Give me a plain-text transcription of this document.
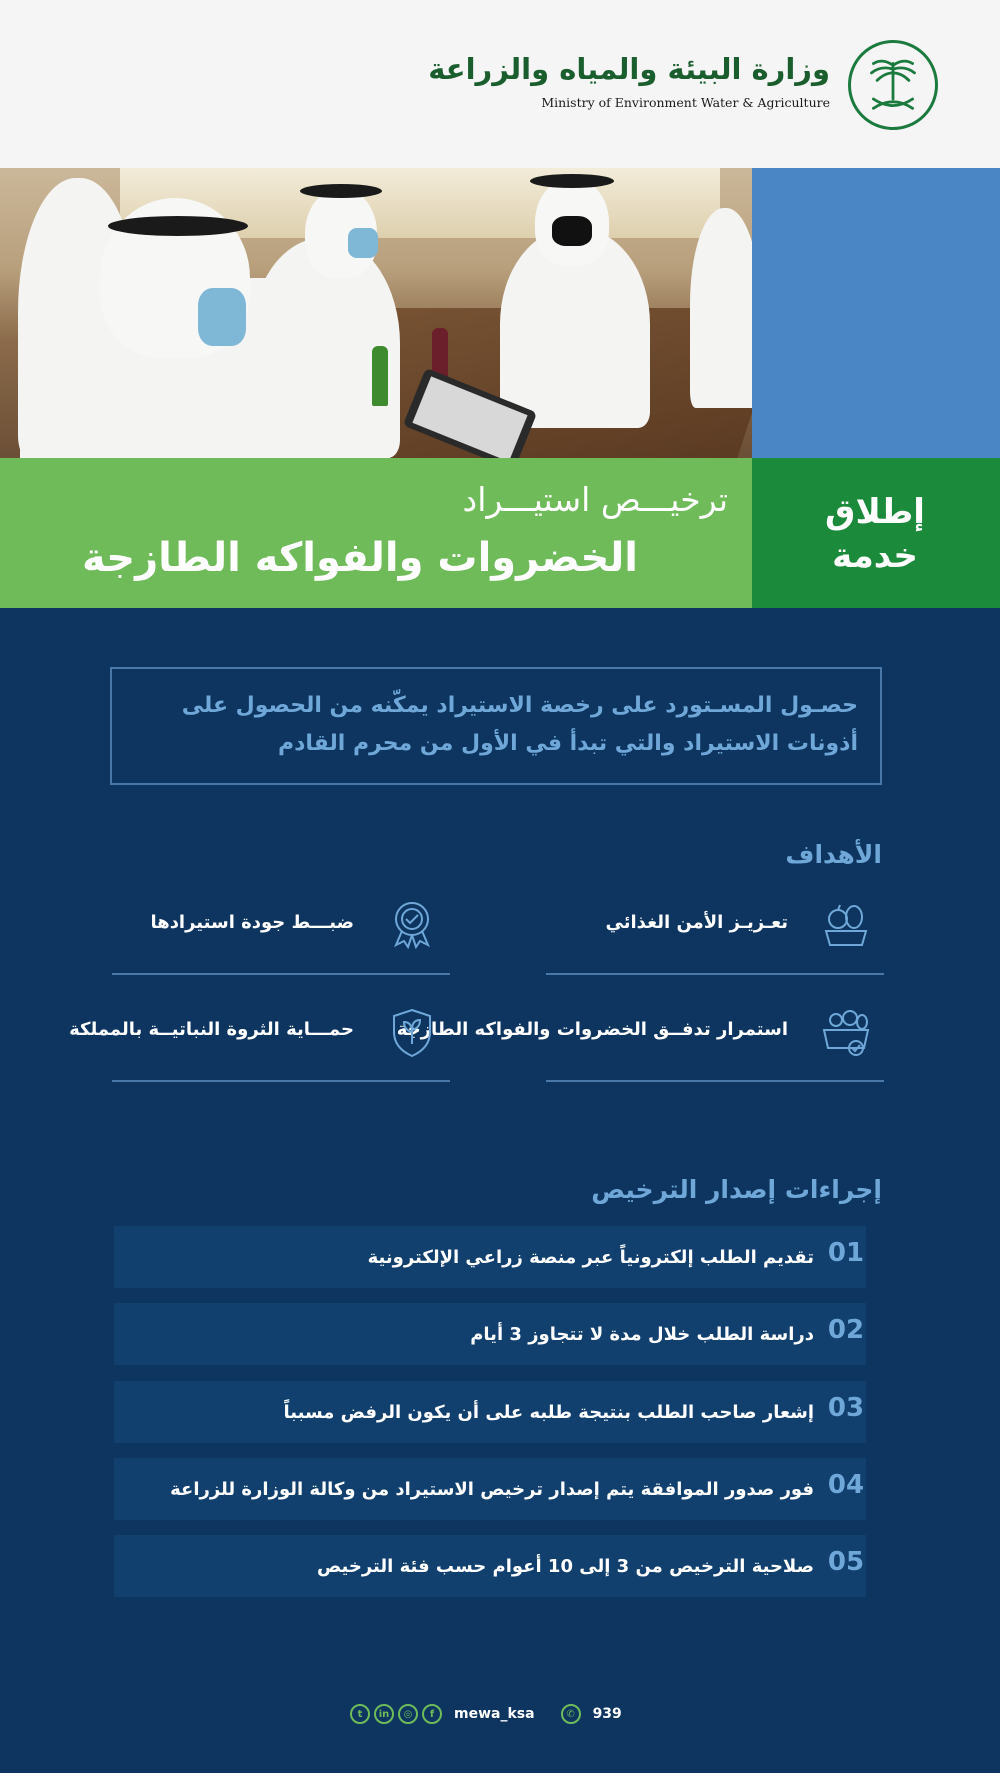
وزارة البيئة والمياه والزراعة
Ministry of Environment Water & Agriculture
ترخيـــص استيـــراد
الخضروات والفواكه الطازجة
إطلاق خدمة
حصـول المسـتورد على رخصة الاستيراد يمكّنه من الحصول على أذونات الاستيراد والتي تبدأ في الأول من محرم القادم
الأهداف
تعـزيـز الأمن الغذائي
ضبـــط جودة استيرادها
استمرار تدفــق الخضروات والفواكه الطازجة
حمـــاية الثروة النباتيــة بالمملكة
إجراءات إصدار الترخيص
01
تقديم الطلب إلكترونياً عبر منصة زراعي الإلكترونية
02
دراسة الطلب خلال مدة لا تتجاوز 3 أيام
03
إشعار صاحب الطلب بنتيجة طلبه على أن يكون الرفض مسبباً
04
فور صدور الموافقة يتم إصدار ترخيص الاستيراد من وكالة الوزارة للزراعة
05
صلاحية الترخيص من 3 إلى 10 أعوام حسب فئة الترخيص
t	in	◎	f	mewa_ksa	✆	939
